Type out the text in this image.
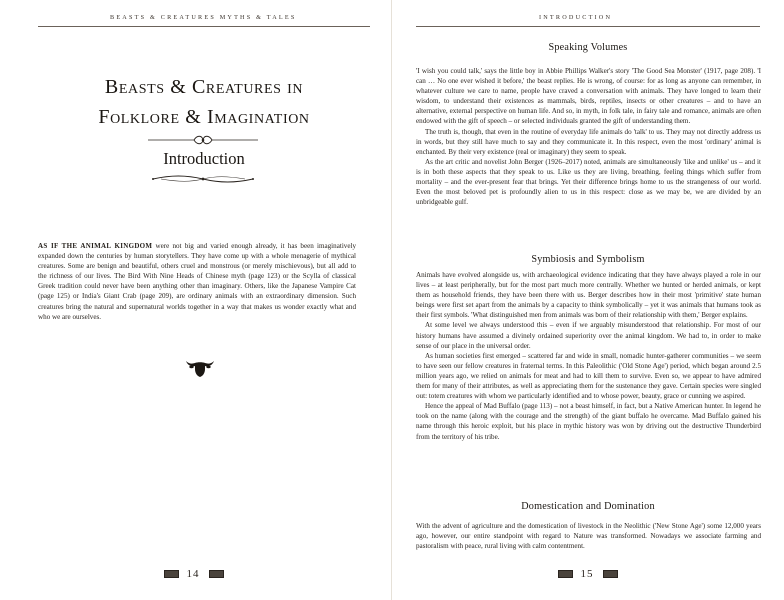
BEASTS & CREATURES MYTHS & TALES
Beasts & Creatures in
Folklore & Imagination
Introduction

AS IF THE ANIMAL KINGDOM were not big and varied enough already, it has been imaginatively expanded down the centuries by human storytellers. They have come up with a whole menagerie of mythical creatures. Some are benign and beautiful, others cruel and monstrous (or merely mischievous), but all add to the richness of our lives. The Bird With Nine Heads of Chinese myth (page 123) or the Scylla of classical Greek tradition could never have been anything other than imaginary. Others, like the Japanese Vampire Cat (page 125) or India's Giant Crab (page 209), are ordinary animals with an extraordinary dimension. Such creatures bring the natural and supernatural worlds together in a way that makes us wonder exactly what and who we are ourselves.

14
INTRODUCTION
Speaking Volumes

'I wish you could talk,' says the little boy in Abbie Phillips Walker's story 'The Good Sea Monster' (1917, page 208). 'I can … No one ever wished it before,' the beast replies. He is wrong, of course: for as long as anyone can remember, in whatever culture we care to name, people have craved a conversation with animals. They have longed to learn their wisdom, to understand their existences as mammals, birds, reptiles, insects or other creatures – and to have an alternative, external perspective on human life. And so, in myth, in folk tale, in fairy tale and romance, animals are often endowed with the gift of speech – or selected individuals granted the gift of understanding them.

The truth is, though, that even in the routine of everyday life animals do 'talk' to us. They may not directly address us in words, but they still have much to say and they communicate it. In this respect, even the most 'ordinary' animal is enchanted. By their very existence (real or imaginary) they seem to speak.

As the art critic and novelist John Berger (1926–2017) noted, animals are simultaneously 'like and unlike' us – and it is in both these aspects that they speak to us. Like us they are living, breathing, feeling things which suffer from mortality – and the ever-present fear that brings. Yet their difference brings home to us the strangeness of our world. Even the most beloved pet is profoundly alien to us in this respect: close as we may be, we are divided by an unbridgeable gulf.

Symbiosis and Symbolism

Animals have evolved alongside us, with archaeological evidence indicating that they have always played a role in our lives – at least peripherally, but for the most part much more centrally. Whether we hunted or herded animals, or kept them as household friends, they have been there with us. Berger describes how in their most 'primitive' state human beings were first set apart from the animals by a capacity to think symbolically – yet it was animals that humans took as their first symbols. 'What distinguished men from animals was born of their relationship with them,' Berger explains.

At some level we always understood this – even if we arguably misunderstood that relationship. For most of our history humans have assumed a divinely ordained superiority over the animal kingdom. We had to, in order to make sense of our place in the universal order.

As human societies first emerged – scattered far and wide in small, nomadic hunter-gatherer communities – we seem to have seen our fellow creatures in fraternal terms. In this Paleolithic ('Old Stone Age') period, which began around 2.5 million years ago, we relied on animals for meat and had to kill them to survive. Even so, we appear to have admired them for many of their attributes, as well as appreciating them for the sustenance they gave. Certain species were singled out: totem creatures with whom we particularly identified and to whose power, beauty, grace or cunning we aspired.

Hence the appeal of Mad Buffalo (page 113) – not a beast himself, in fact, but a Native American hunter. In legend he took on the name (along with the courage and the strength) of the giant buffalo he overcame. Mad Buffalo gained his name through this heroic exploit, but his place in mythic history was won by driving out the destructive Thunderbird from the territory of his tribe.

Domestication and Domination

With the advent of agriculture and the domestication of livestock in the Neolithic ('New Stone Age') some 12,000 years ago, however, our entire standpoint with regard to Nature was transformed. Nowadays we associate farming and pastoralism with peace, rural living with calm contentment.

15
